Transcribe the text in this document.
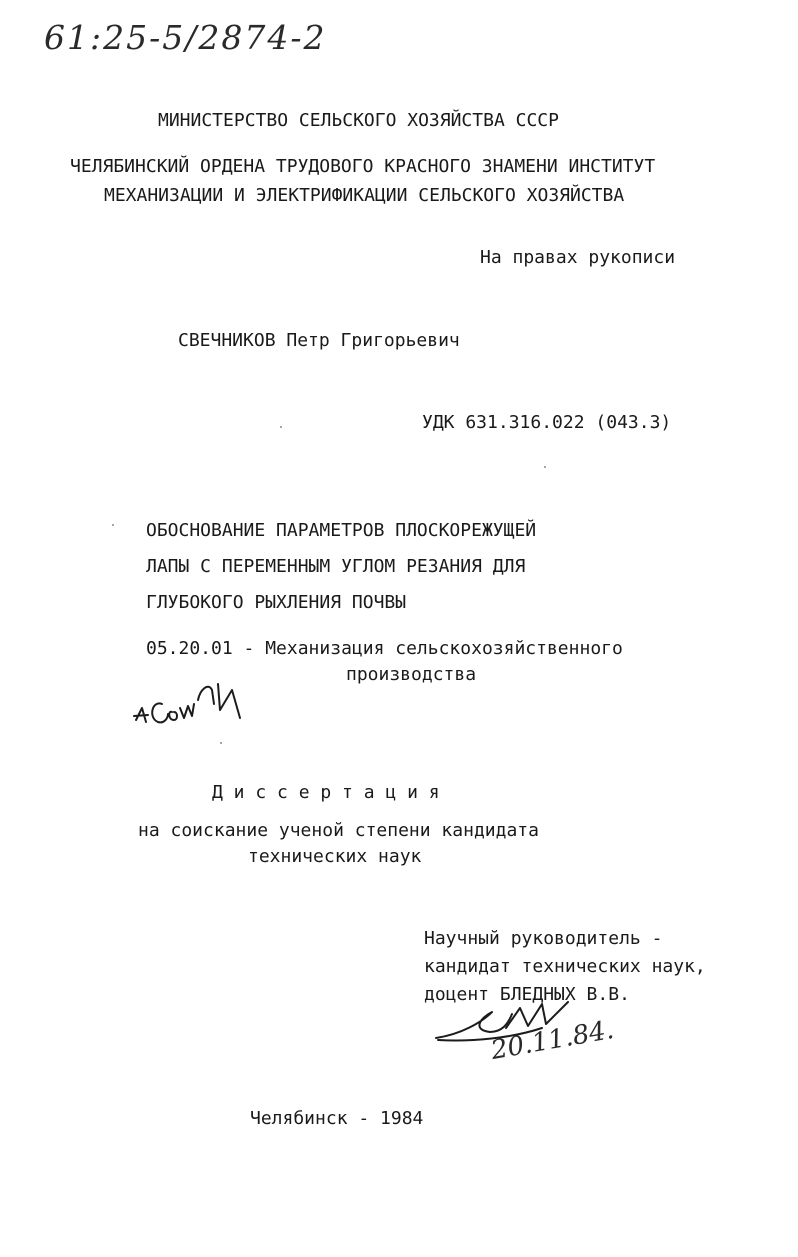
61:25-5/2874-2
МИНИСТЕРСТВО СЕЛЬСКОГО ХОЗЯЙСТВА СССР
ЧЕЛЯБИНСКИЙ ОРДЕНА ТРУДОВОГО КРАСНОГО ЗНАМЕНИ ИНСТИТУТ
МЕХАНИЗАЦИИ И ЭЛЕКТРИФИКАЦИИ СЕЛЬСКОГО ХОЗЯЙСТВА
На правах рукописи
СВЕЧНИКОВ Петр Григорьевич
УДК 631.316.022 (043.3)
ОБОСНОВАНИЕ ПАРАМЕТРОВ ПЛОСКОРЕЖУЩЕЙ
ЛАПЫ С ПЕРЕМЕННЫМ УГЛОМ РЕЗАНИЯ ДЛЯ
ГЛУБОКОГО РЫХЛЕНИЯ ПОЧВЫ
05.20.01 - Механизация сельскохозяйственного
производства
Д и с с е р т а ц и я
на соискание ученой степени кандидата
технических наук
Научный руководитель -
кандидат технических наук,
доцент БЛЕДНЫХ В.В.
20.11.84.
Челябинск - 1984
